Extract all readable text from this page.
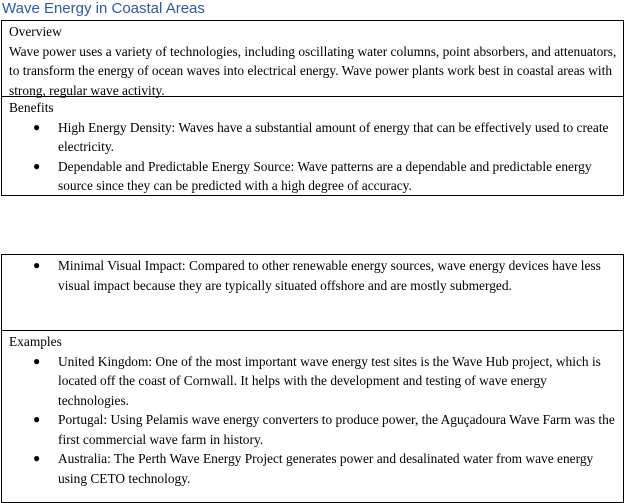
Wave Energy in Coastal Areas
Overview
Wave power uses a variety of technologies, including oscillating water columns, point absorbers, and attenuators, to transform the energy of ocean waves into electrical energy. Wave power plants work best in coastal areas with strong, regular wave activity.
Benefits
● High Energy Density: Waves have a substantial amount of energy that can be effectively used to create electricity.
● Dependable and Predictable Energy Source: Wave patterns are a dependable and predictable energy source since they can be predicted with a high degree of accuracy.
● Minimal Visual Impact: Compared to other renewable energy sources, wave energy devices have less visual impact because they are typically situated offshore and are mostly submerged.
Examples
● United Kingdom: One of the most important wave energy test sites is the Wave Hub project, which is located off the coast of Cornwall. It helps with the development and testing of wave energy technologies.
● Portugal: Using Pelamis wave energy converters to produce power, the Aguçadoura Wave Farm was the first commercial wave farm in history.
● Australia: The Perth Wave Energy Project generates power and desalinated water from wave energy using CETO technology.
